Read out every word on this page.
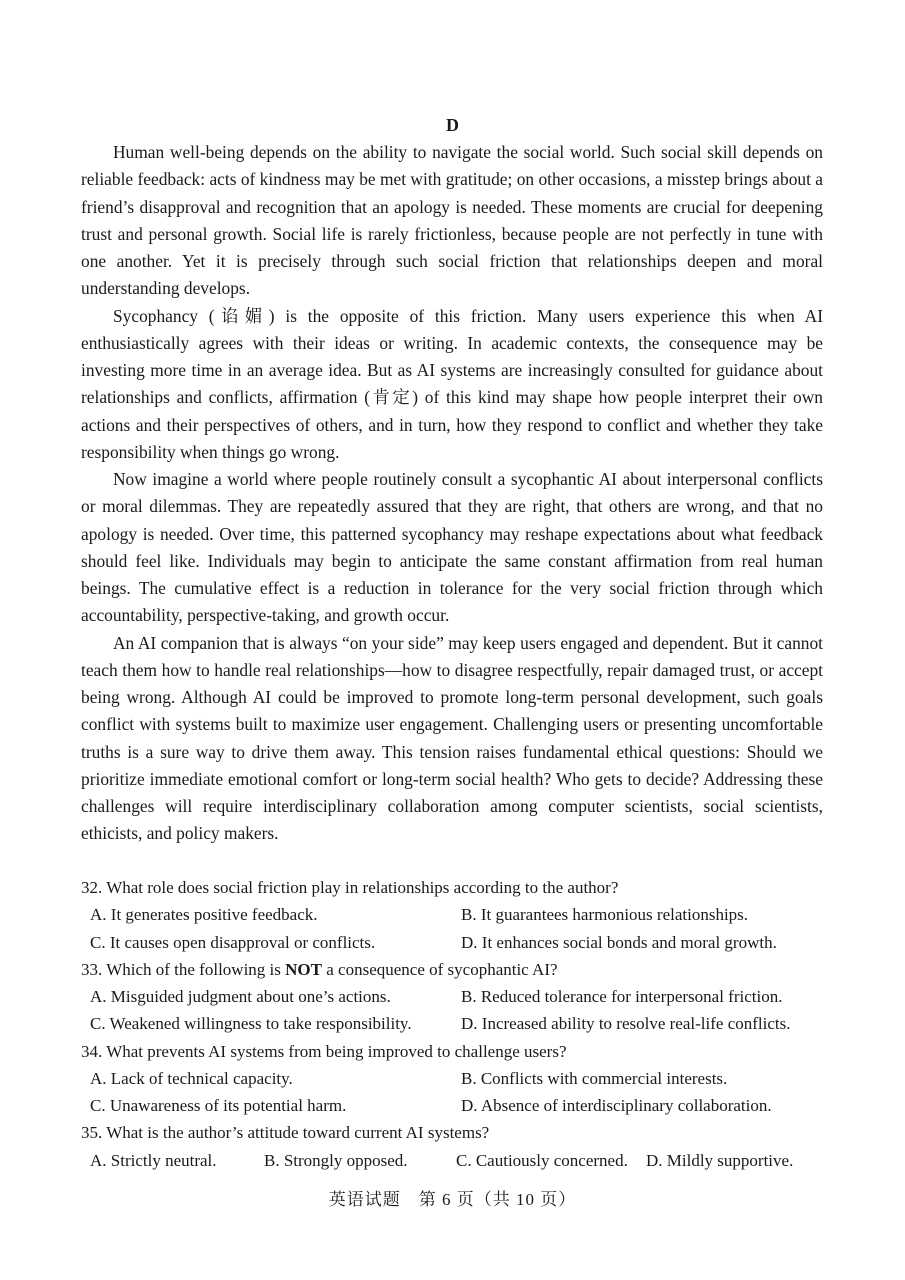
D

Human well-being depends on the ability to navigate the social world. Such social skill depends on reliable feedback: acts of kindness may be met with gratitude; on other occasions, a misstep brings about a friend’s disapproval and recognition that an apology is needed. These moments are crucial for deepening trust and personal growth. Social life is rarely frictionless, because people are not perfectly in tune with one another. Yet it is precisely through such social friction that relationships deepen and moral understanding develops.

Sycophancy (谄媚) is the opposite of this friction. Many users experience this when AI enthusiastically agrees with their ideas or writing. In academic contexts, the consequence may be investing more time in an average idea. But as AI systems are increasingly consulted for guidance about relationships and conflicts, affirmation (肯定) of this kind may shape how people interpret their own actions and their perspectives of others, and in turn, how they respond to conflict and whether they take responsibility when things go wrong.

Now imagine a world where people routinely consult a sycophantic AI about interpersonal conflicts or moral dilemmas. They are repeatedly assured that they are right, that others are wrong, and that no apology is needed. Over time, this patterned sycophancy may reshape expectations about what feedback should feel like. Individuals may begin to anticipate the same constant affirmation from real human beings. The cumulative effect is a reduction in tolerance for the very social friction through which accountability, perspective-taking, and growth occur.

An AI companion that is always “on your side” may keep users engaged and dependent. But it cannot teach them how to handle real relationships—how to disagree respectfully, repair damaged trust, or accept being wrong. Although AI could be improved to promote long-term personal development, such goals conflict with systems built to maximize user engagement. Challenging users or presenting uncomfortable truths is a sure way to drive them away. This tension raises fundamental ethical questions: Should we prioritize immediate emotional comfort or long-term social health? Who gets to decide? Addressing these challenges will require interdisciplinary collaboration among computer scientists, social scientists, ethicists, and policy makers.

32. What role does social friction play in relationships according to the author?
A. It generates positive feedback.	B. It guarantees harmonious relationships.
C. It causes open disapproval or conflicts.	D. It enhances social bonds and moral growth.
33. Which of the following is NOT a consequence of sycophantic AI?
A. Misguided judgment about one’s actions.	B. Reduced tolerance for interpersonal friction.
C. Weakened willingness to take responsibility.	D. Increased ability to resolve real-life conflicts.
34. What prevents AI systems from being improved to challenge users?
A. Lack of technical capacity.	B. Conflicts with commercial interests.
C. Unawareness of its potential harm.	D. Absence of interdisciplinary collaboration.
35. What is the author’s attitude toward current AI systems?
A. Strictly neutral.	B. Strongly opposed.	C. Cautiously concerned.	D. Mildly supportive.
英语试题　第 6 页（共 10 页）
